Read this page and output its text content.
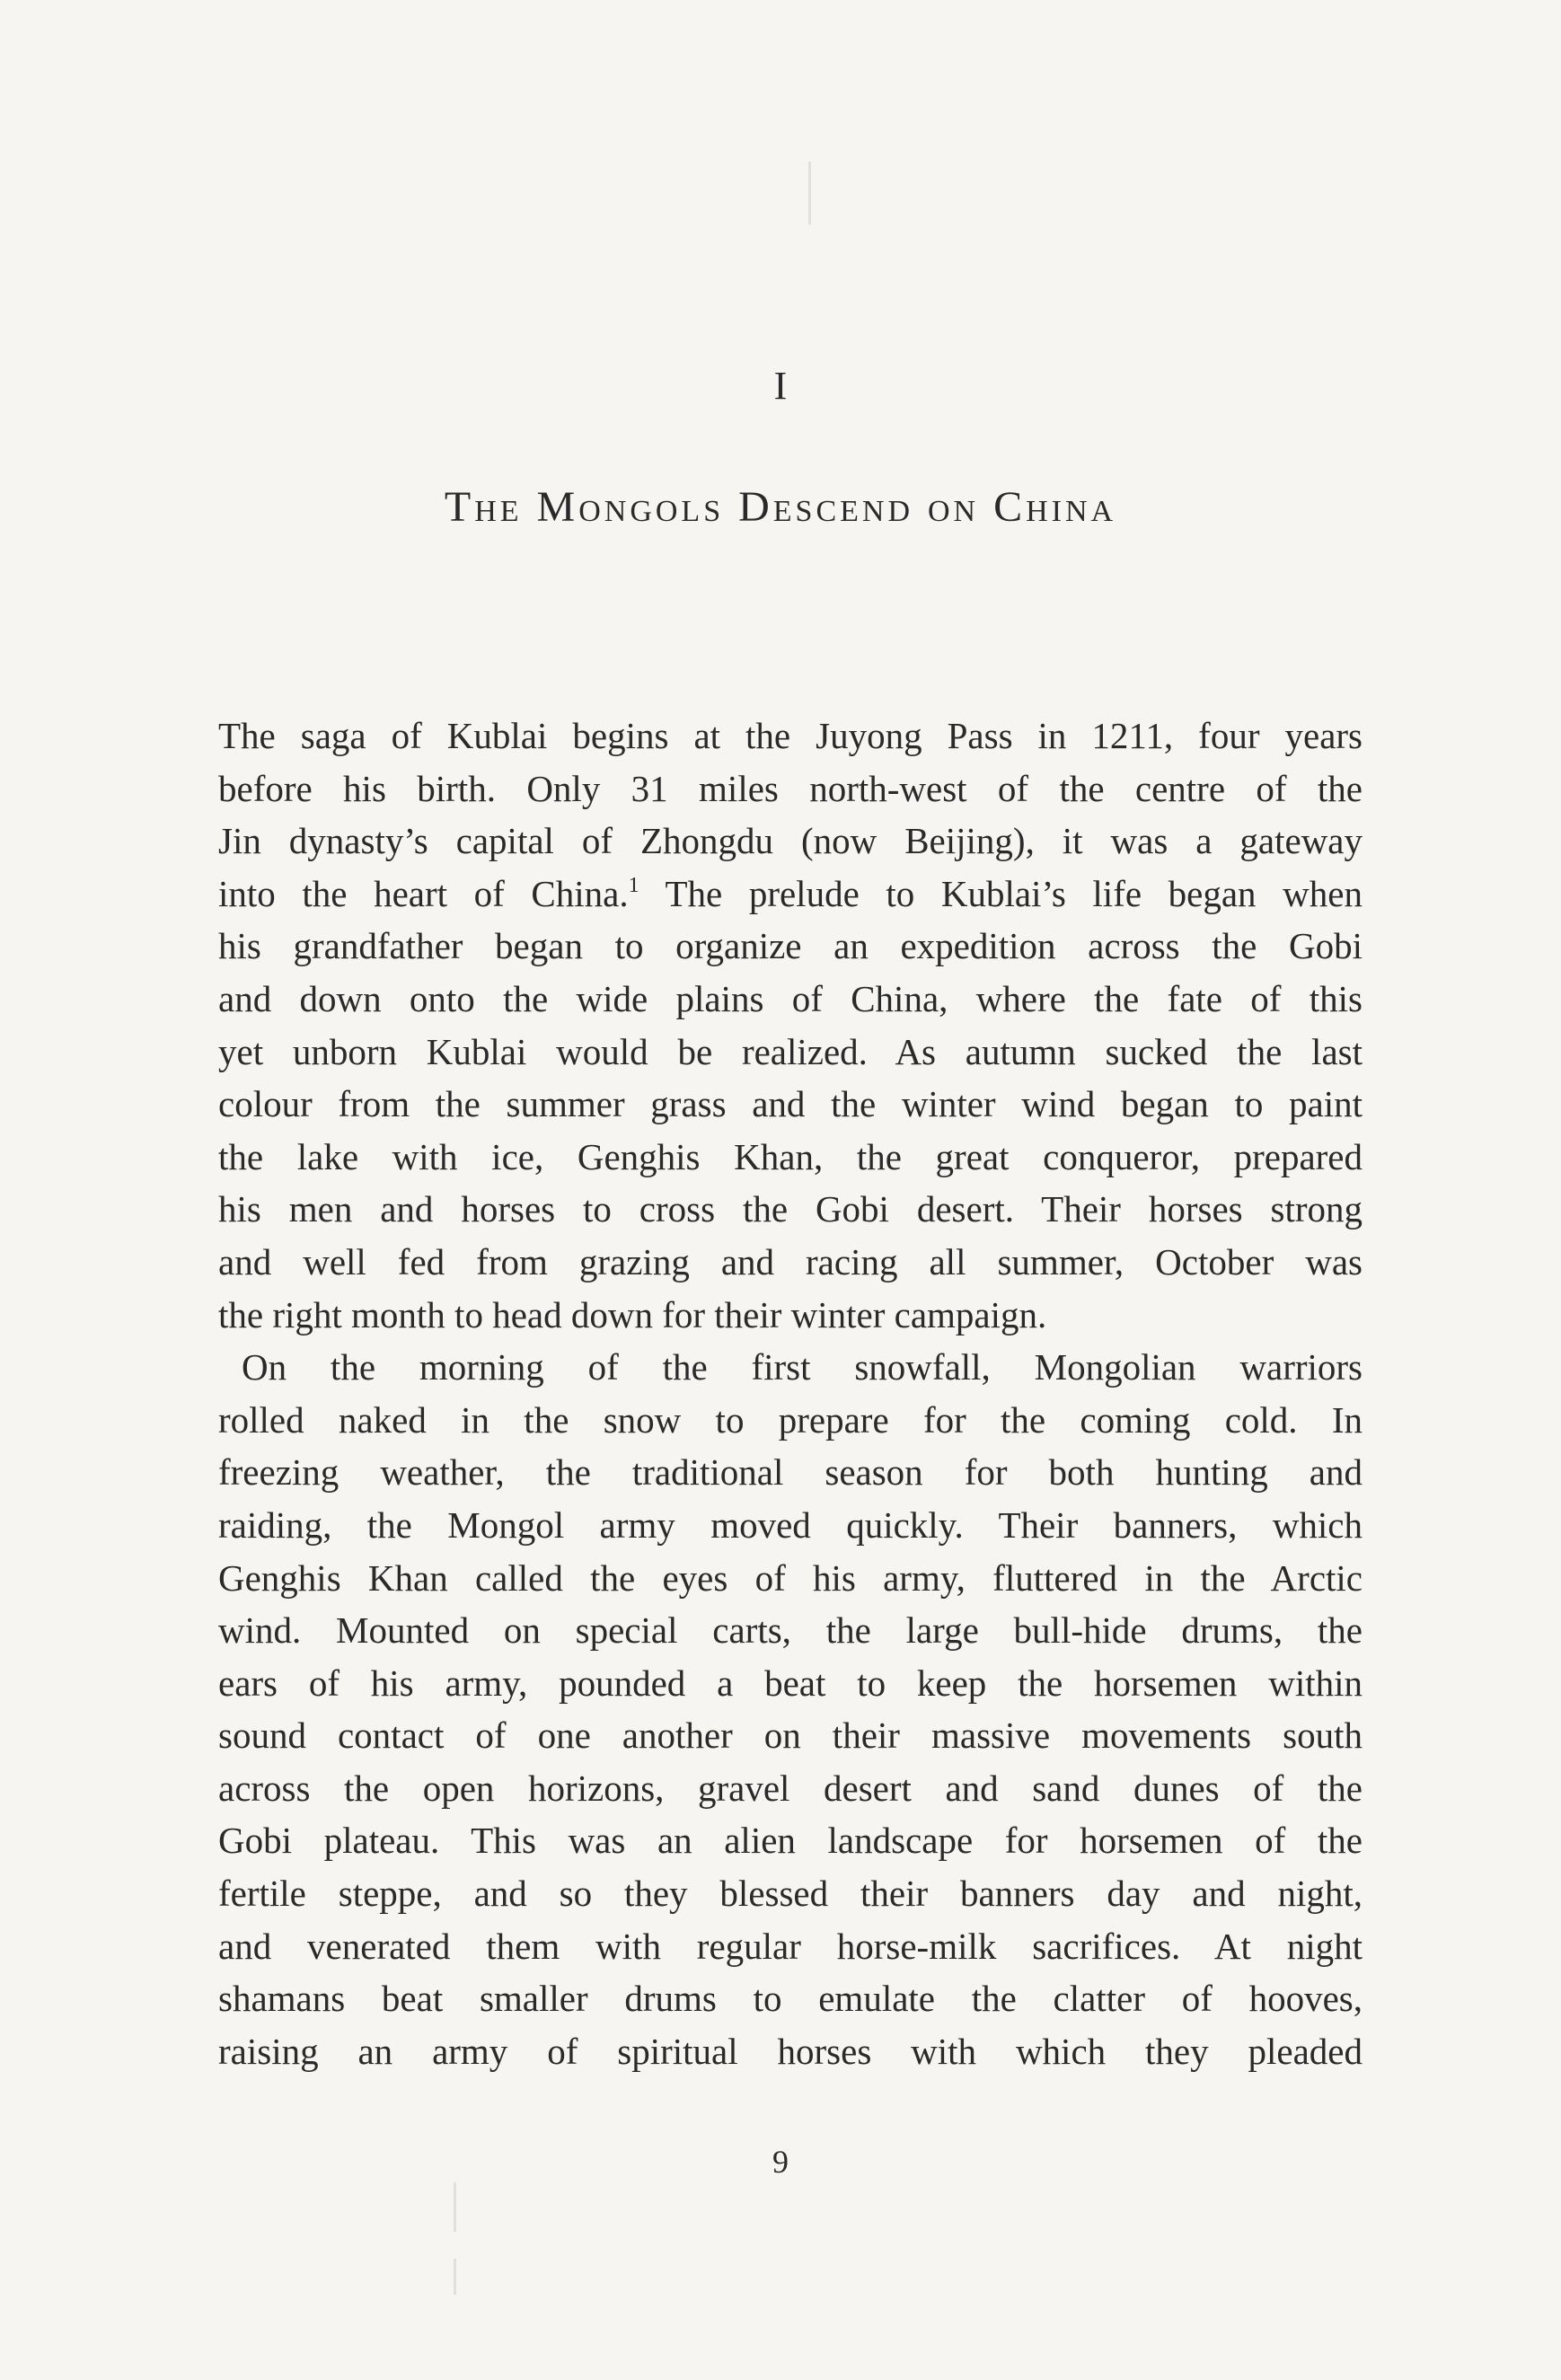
I
The Mongols Descend on China
The saga of Kublai begins at the Juyong Pass in 1211, four years
before his birth. Only 31 miles north-west of the centre of the
Jin dynasty’s capital of Zhongdu (now Beijing), it was a gateway
into the heart of China.$^1$ The prelude to Kublai’s life began when
his grandfather began to organize an expedition across the Gobi
and down onto the wide plains of China, where the fate of this
yet unborn Kublai would be realized. As autumn sucked the last
colour from the summer grass and the winter wind began to paint
the lake with ice, Genghis Khan, the great conqueror, prepared
his men and horses to cross the Gobi desert. Their horses strong
and well fed from grazing and racing all summer, October was
the right month to head down for their winter campaign.
On the morning of the first snowfall, Mongolian warriors
rolled naked in the snow to prepare for the coming cold. In
freezing weather, the traditional season for both hunting and
raiding, the Mongol army moved quickly. Their banners, which
Genghis Khan called the eyes of his army, fluttered in the Arctic
wind. Mounted on special carts, the large bull-hide drums, the
ears of his army, pounded a beat to keep the horsemen within
sound contact of one another on their massive movements south
across the open horizons, gravel desert and sand dunes of the
Gobi plateau. This was an alien landscape for horsemen of the
fertile steppe, and so they blessed their banners day and night,
and venerated them with regular horse-milk sacrifices. At night
shamans beat smaller drums to emulate the clatter of hooves,
raising an army of spiritual horses with which they pleaded
9
